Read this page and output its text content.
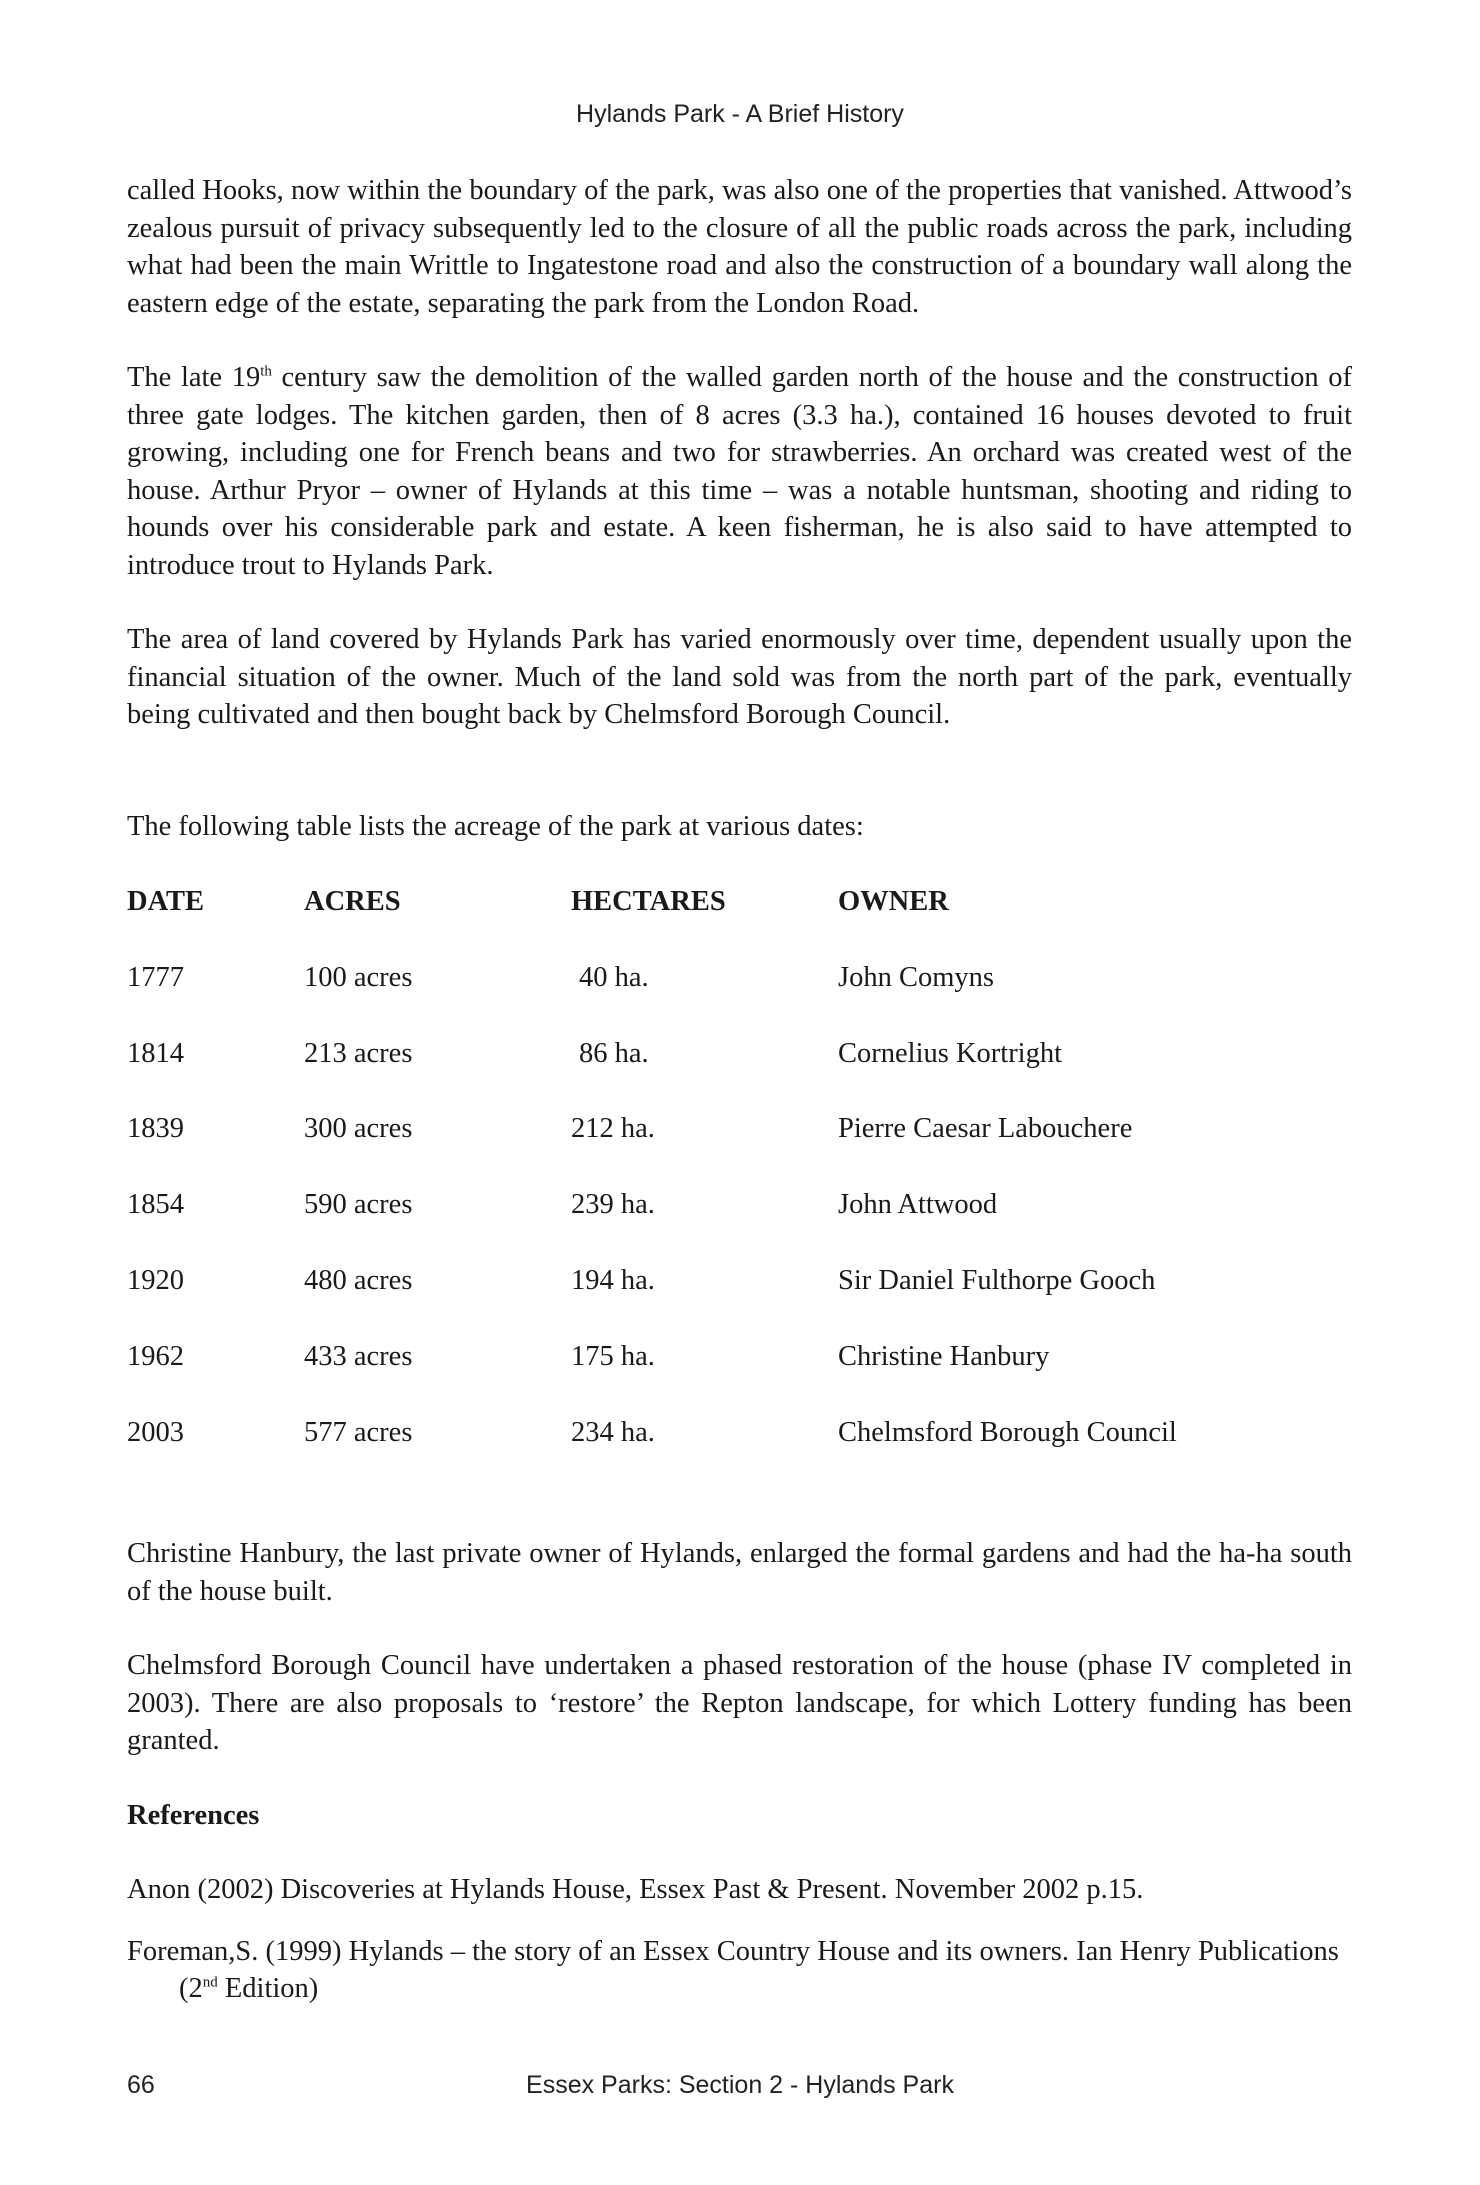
Hylands Park - A Brief History

called Hooks, now within the boundary of the park, was also one of the properties that vanished. Attwood’s zealous pursuit of privacy subsequently led to the closure of all the public roads across the park, including what had been the main Writtle to Ingatestone road and also the construction of a boundary wall along the eastern edge of the estate, separating the park from the London Road.

The late 19th century saw the demolition of the walled garden north of the house and the construction of three gate lodges. The kitchen garden, then of 8 acres (3.3 ha.), contained 16 houses devoted to fruit growing, including one for French beans and two for strawberries. An orchard was created west of the house. Arthur Pryor – owner of Hylands at this time – was a notable huntsman, shooting and riding to hounds over his considerable park and estate. A keen fisherman, he is also said to have attempted to introduce trout to Hylands Park.

The area of land covered by Hylands Park has varied enormously over time, dependent usually upon the financial situation of the owner. Much of the land sold was from the north part of the park, eventually being cultivated and then bought back by Chelmsford Borough Council.

The following table lists the acreage of the park at various dates:

DATE	ACRES	HECTARES	OWNER
1777	100 acres	40 ha.	John Comyns
1814	213 acres	86 ha.	Cornelius Kortright
1839	300 acres	212 ha.	Pierre Caesar Labouchere
1854	590 acres	239 ha.	John Attwood
1920	480 acres	194 ha.	Sir Daniel Fulthorpe Gooch
1962	433 acres	175 ha.	Christine Hanbury
2003	577 acres	234 ha.	Chelmsford Borough Council

Christine Hanbury, the last private owner of Hylands, enlarged the formal gardens and had the ha-ha south of the house built.

Chelmsford Borough Council have undertaken a phased restoration of the house (phase IV completed in 2003). There are also proposals to ‘restore’ the Repton landscape, for which Lottery funding has been granted.

References

Anon (2002) Discoveries at Hylands House, Essex Past & Present. November 2002 p.15.

Foreman,S. (1999) Hylands – the story of an Essex Country House and its owners. Ian Henry Publications (2nd Edition)

66	Essex Parks: Section 2 - Hylands Park
